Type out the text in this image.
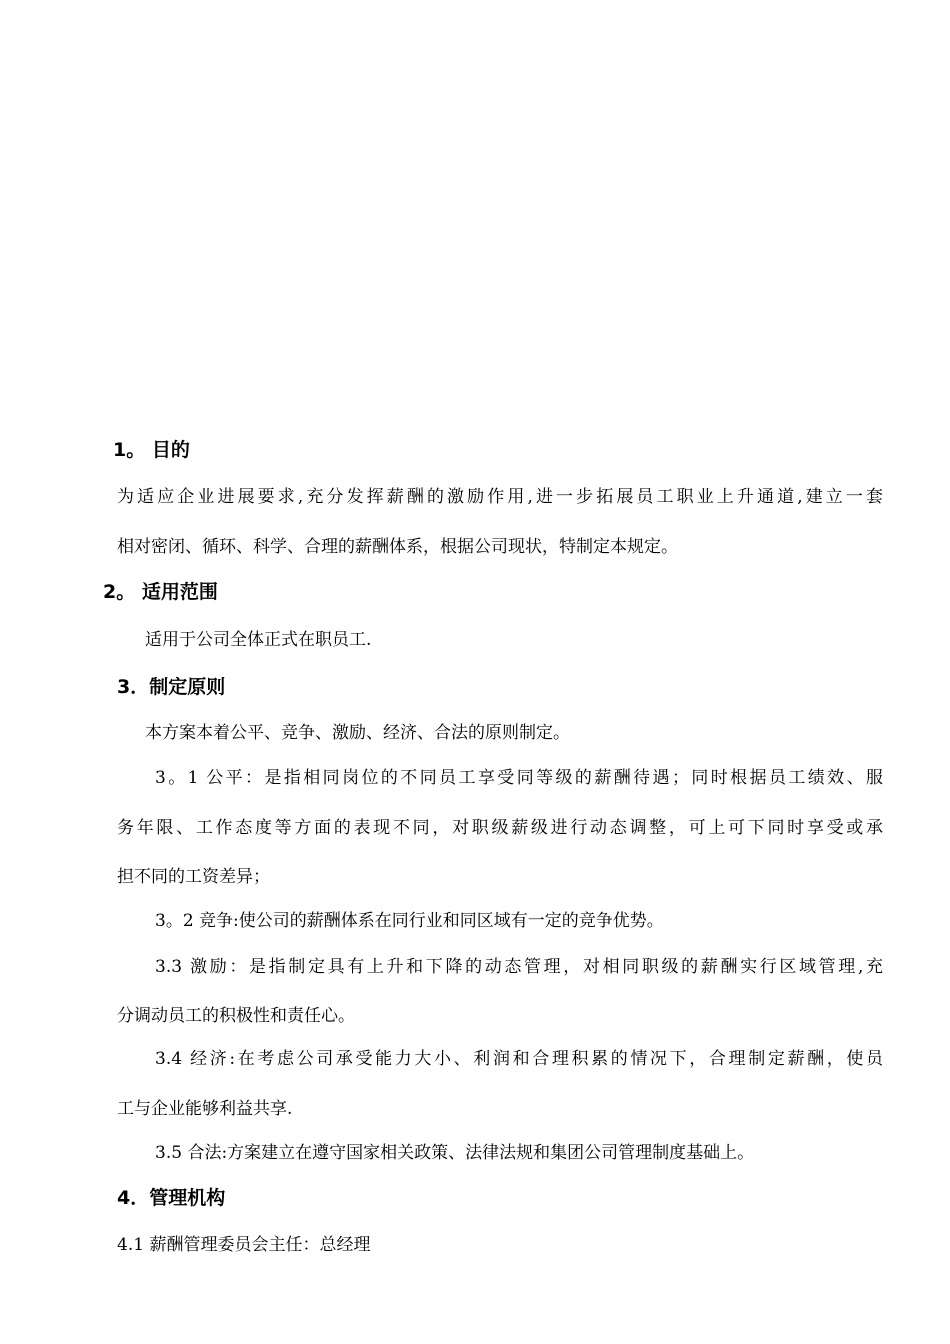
1。 目的
为适应企业进展要求,充分发挥薪酬的激励作用,进一步拓展员工职业上升通道,建立一套
相对密闭、循环、科学、合理的薪酬体系，根据公司现状，特制定本规定。
2。 适用范围
适用于公司全体正式在职员工.
3．制定原则
本方案本着公平、竞争、激励、经济、合法的原则制定。
3。1 公平：是指相同岗位的不同员工享受同等级的薪酬待遇；同时根据员工绩效、服
务年限、工作态度等方面的表现不同，对职级薪级进行动态调整，可上可下同时享受或承
担不同的工资差异；
3。2 竞争:使公司的薪酬体系在同行业和同区域有一定的竞争优势。
3.3 激励：是指制定具有上升和下降的动态管理，对相同职级的薪酬实行区域管理,充
分调动员工的积极性和责任心。
3.4 经济:在考虑公司承受能力大小、利润和合理积累的情况下，合理制定薪酬，使员
工与企业能够利益共享.
3.5 合法:方案建立在遵守国家相关政策、法律法规和集团公司管理制度基础上。
4．管理机构
4.1 薪酬管理委员会主任：总经理
